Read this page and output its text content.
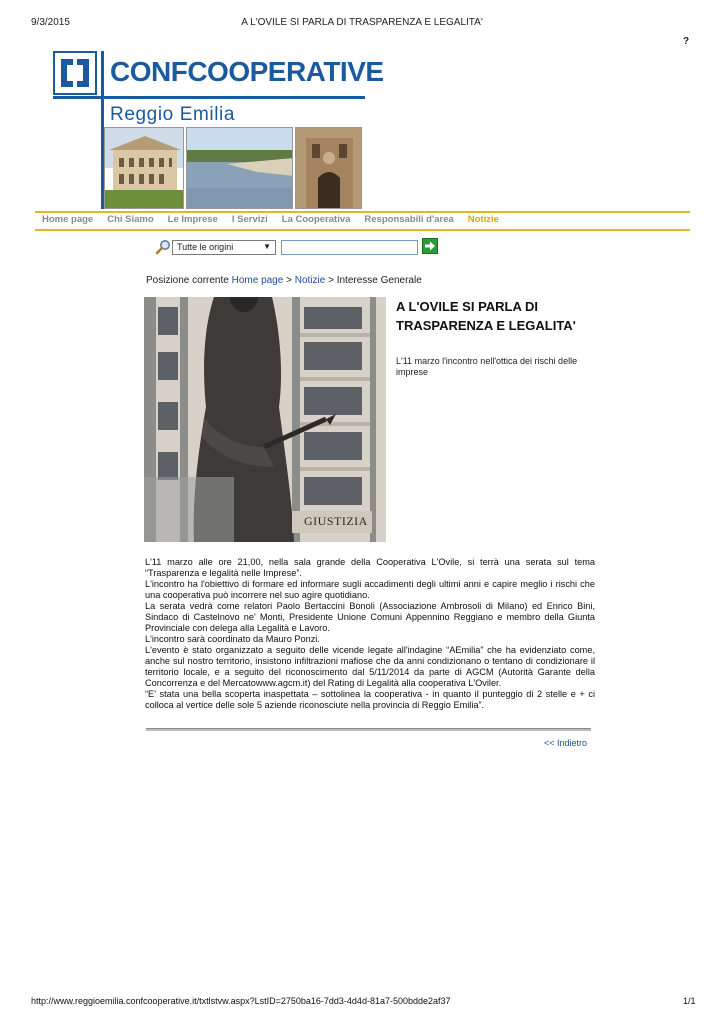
9/3/2015	A L'OVILE SI PARLA DI TRASPARENZA E LEGALITA'
?
CONFCOOPERATIVE
Reggio Emilia
Home page Chi Siamo Le Imprese I Servizi La Cooperativa Responsabili d'area Notizie
Tutte le origini	▼
Posizione corrente Home page > Notizie > Interesse Generale
GIUSTIZIA
A L'OVILE SI PARLA DI TRASPARENZA E LEGALITA'
L'11 marzo l'incontro nell'ottica dei rischi delle imprese

L'11 marzo alle ore 21,00, nella sala grande della Cooperativa L'Ovile, si terrà una serata sul tema “Trasparenza e legalità nelle Imprese”.

L'incontro ha l'obiettivo di formare ed informare sugli accadimenti degli ultimi anni e capire meglio i rischi che una cooperativa può incorrere nel suo agire quotidiano.

La serata vedrà come relatori Paolo Bertaccini Bonoli (Associazione Ambrosoli di Milano) ed Enrico Bini, Sindaco di Castelnovo ne' Monti, Presidente Unione Comuni Appennino Reggiano e membro della Giunta Provinciale con delega alla Legalità e Lavoro.

L'incontro sarà coordinato da Mauro Ponzi.

L'evento è stato organizzato a seguito delle vicende legate all'indagine “AEmilia” che ha evidenziato come, anche sul nostro territorio, insistono infiltrazioni mafiose che da anni condizionano o tentano di condizionare il territorio locale, e a seguito del riconoscimento dal 5/11/2014 da parte di AGCM (Autorità Garante della Concorrenza e del Mercatowww.agcm.it) del Rating di Legalità alla cooperativa L'Oviler.

“E' stata una bella scoperta inaspettata – sottolinea la cooperativa - in quanto il punteggio di 2 stelle e + ci colloca al vertice delle sole 5 aziende riconosciute nella provincia di Reggio Emilia”.

<< Indietro
http://www.reggioemilia.confcooperative.it/txtlstvw.aspx?LstID=2750ba16-7dd3-4d4d-81a7-500bdde2af37	1/1
